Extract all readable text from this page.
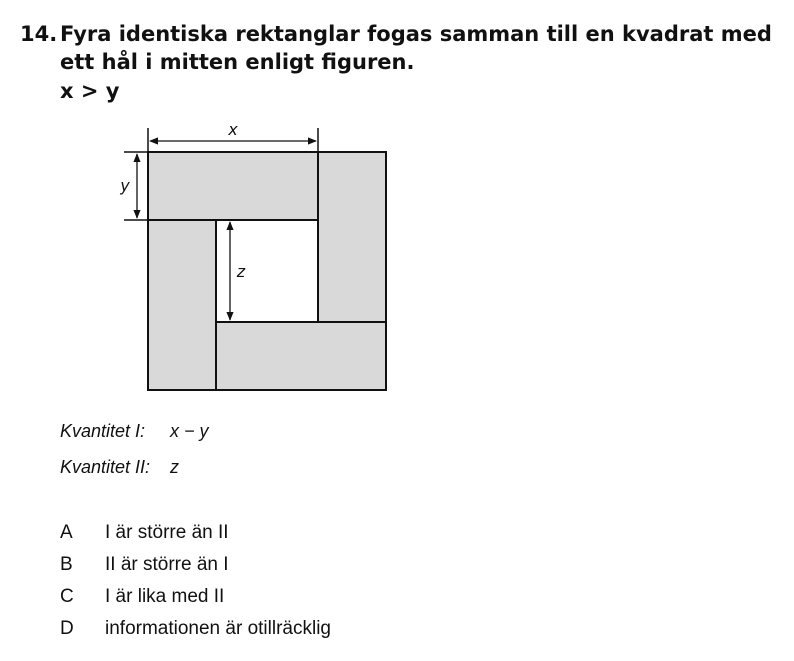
14. Fyra identiska rektanglar fogas samman till en kvadrat med ett hål i mitten enligt figuren.
x > y
x
y
z
Kvantitet I: x − y
Kvantitet II: z
A I är större än II
B II är större än I
C I är lika med II
D informationen är otillräcklig
